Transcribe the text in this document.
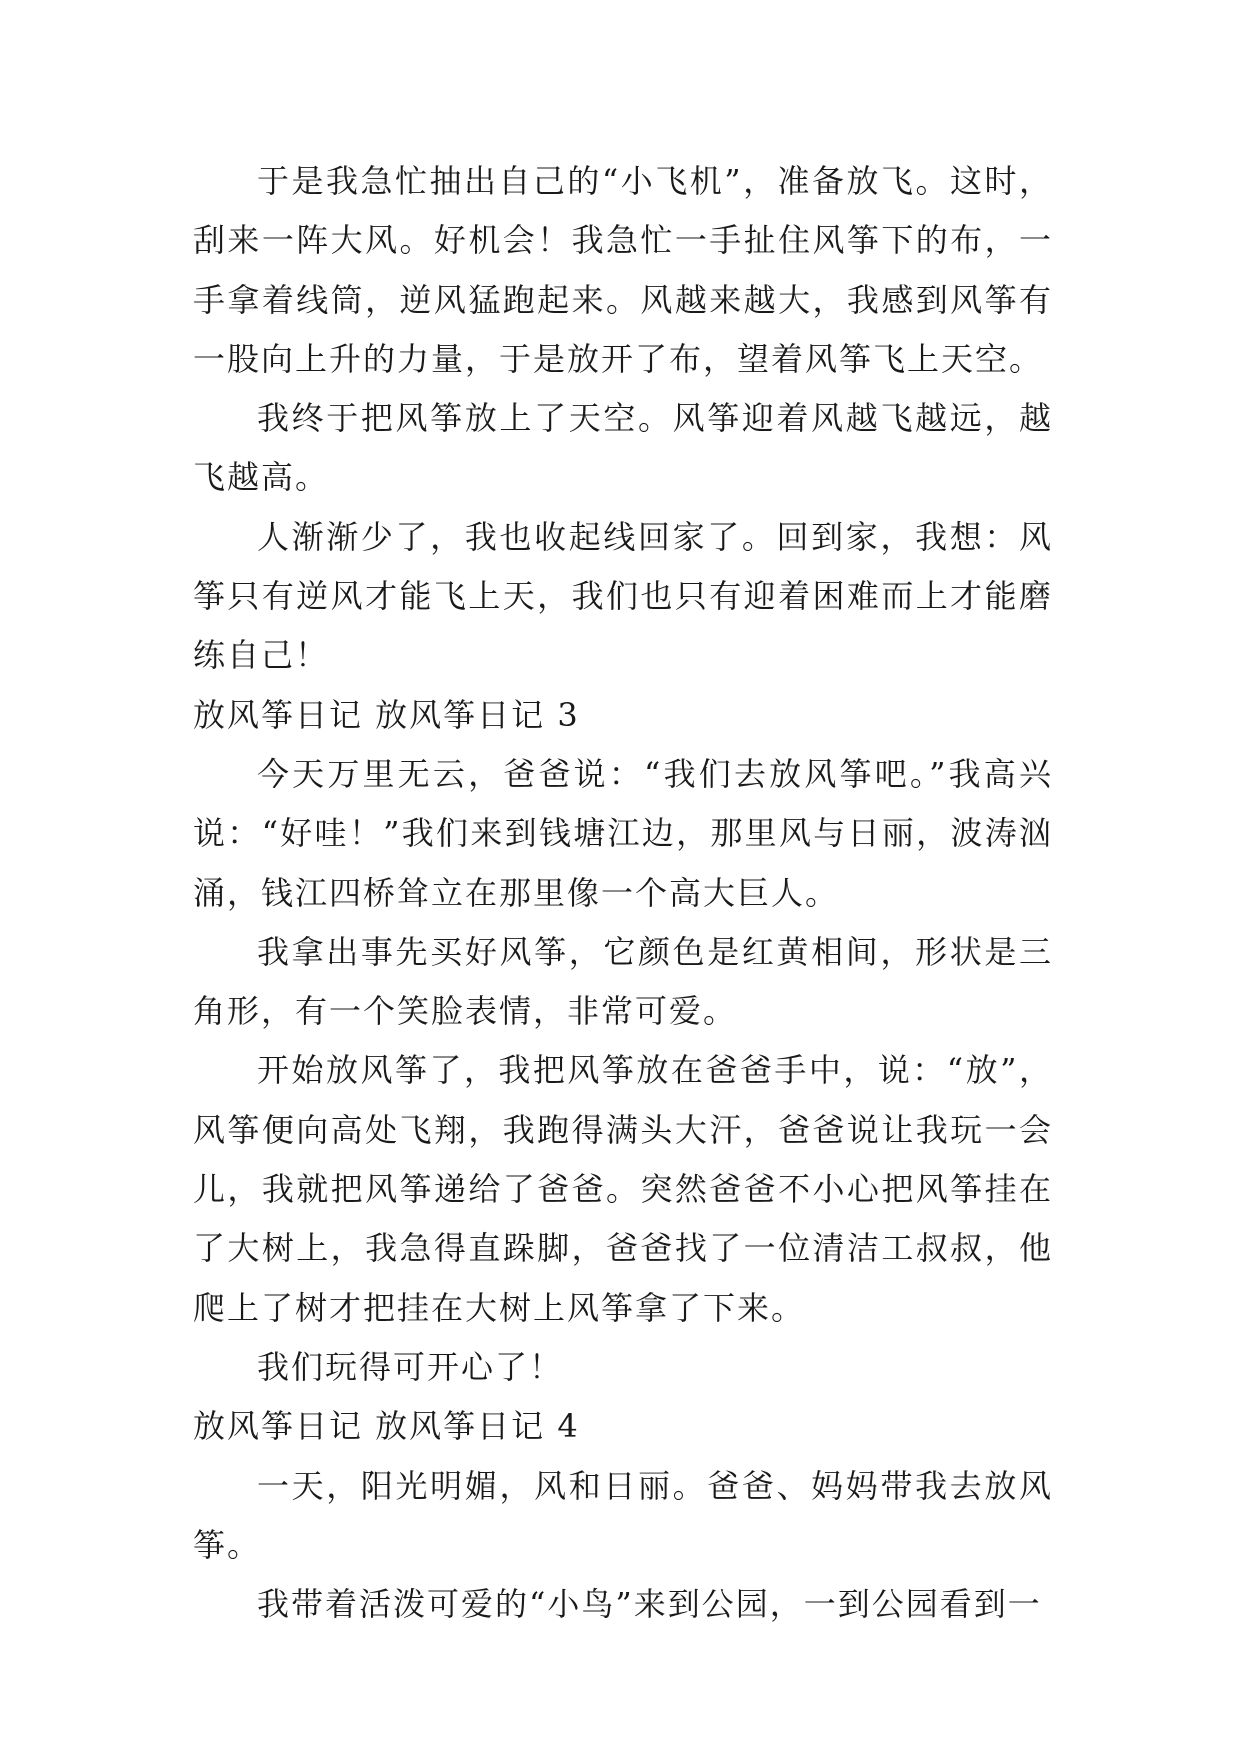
于是我急忙抽出自己的“小飞机”，准备放飞。这时，刮来一阵大风。好机会！我急忙一手扯住风筝下的布，一手拿着线筒，逆风猛跑起来。风越来越大，我感到风筝有一股向上升的力量，于是放开了布，望着风筝飞上天空。

我终于把风筝放上了天空。风筝迎着风越飞越远，越飞越高。

人渐渐少了，我也收起线回家了。回到家，我想：风筝只有逆风才能飞上天，我们也只有迎着困难而上才能磨练自己！

放风筝日记 放风筝日记 3

今天万里无云，爸爸说：“我们去放风筝吧。”我高兴说：“好哇！”我们来到钱塘江边，那里风与日丽，波涛汹涌，钱江四桥耸立在那里像一个高大巨人。

我拿出事先买好风筝，它颜色是红黄相间，形状是三角形，有一个笑脸表情，非常可爱。

开始放风筝了，我把风筝放在爸爸手中，说：“放”，风筝便向高处飞翔，我跑得满头大汗，爸爸说让我玩一会儿，我就把风筝递给了爸爸。突然爸爸不小心把风筝挂在了大树上，我急得直跺脚，爸爸找了一位清洁工叔叔，他爬上了树才把挂在大树上风筝拿了下来。

我们玩得可开心了！

放风筝日记 放风筝日记 4

一天，阳光明媚，风和日丽。爸爸、妈妈带我去放风筝。

我带着活泼可爱的“小鸟”来到公园，一到公园看到一
